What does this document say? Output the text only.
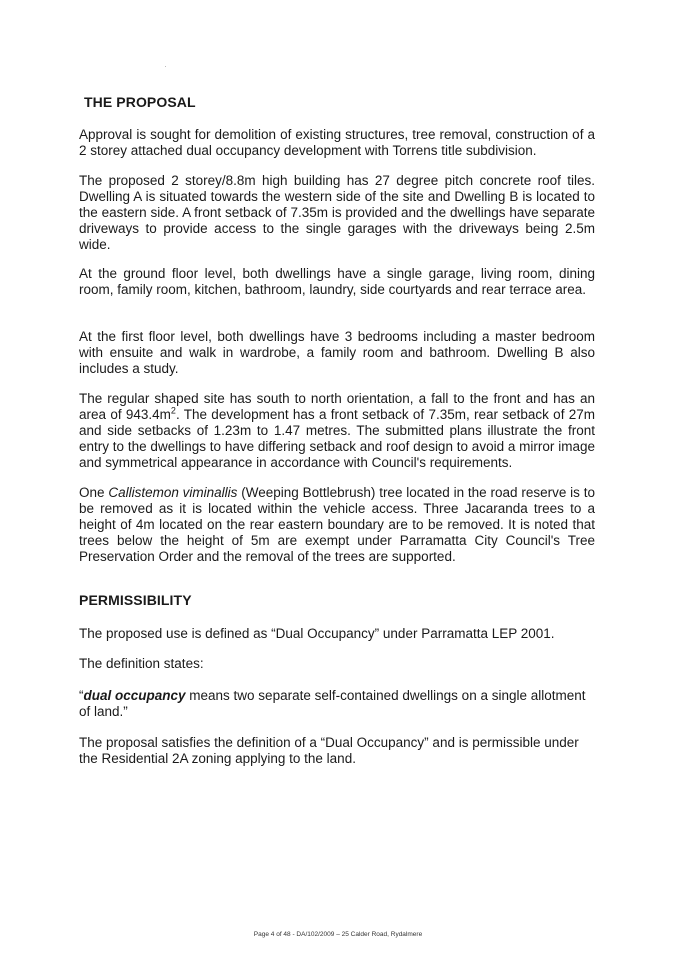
THE PROPOSAL

Approval is sought for demolition of existing structures, tree removal, construction of a 2 storey attached dual occupancy development with Torrens title subdivision.

The proposed 2 storey/8.8m high building has 27 degree pitch concrete roof tiles. Dwelling A is situated towards the western side of the site and Dwelling B is located to the eastern side. A front setback of 7.35m is provided and the dwellings have separate driveways to provide access to the single garages with the driveways being 2.5m wide.

At the ground floor level, both dwellings have a single garage, living room, dining room, family room, kitchen, bathroom, laundry, side courtyards and rear terrace area.

At the first floor level, both dwellings have 3 bedrooms including a master bedroom with ensuite and walk in wardrobe, a family room and bathroom. Dwelling B also includes a study.

The regular shaped site has south to north orientation, a fall to the front and has an area of $943.4m^2$. The development has a front setback of 7.35m, rear setback of 27m and side setbacks of 1.23m to 1.47 metres. The submitted plans illustrate the front entry to the dwellings to have differing setback and roof design to avoid a mirror image and symmetrical appearance in accordance with Council's requirements.

One Callistemon viminallis (Weeping Bottlebrush) tree located in the road reserve is to be removed as it is located within the vehicle access. Three Jacaranda trees to a height of 4m located on the rear eastern boundary are to be removed. It is noted that trees below the height of 5m are exempt under Parramatta City Council's Tree Preservation Order and the removal of the trees are supported.

PERMISSIBILITY

The proposed use is defined as “Dual Occupancy” under Parramatta LEP 2001.

The definition states:

“dual occupancy means two separate self-contained dwellings on a single allotment of land.”

The proposal satisfies the definition of a “Dual Occupancy” and is permissible under the Residential 2A zoning applying to the land.

Page 4 of 48 - DA/102/2009 – 25 Calder Road, Rydalmere
